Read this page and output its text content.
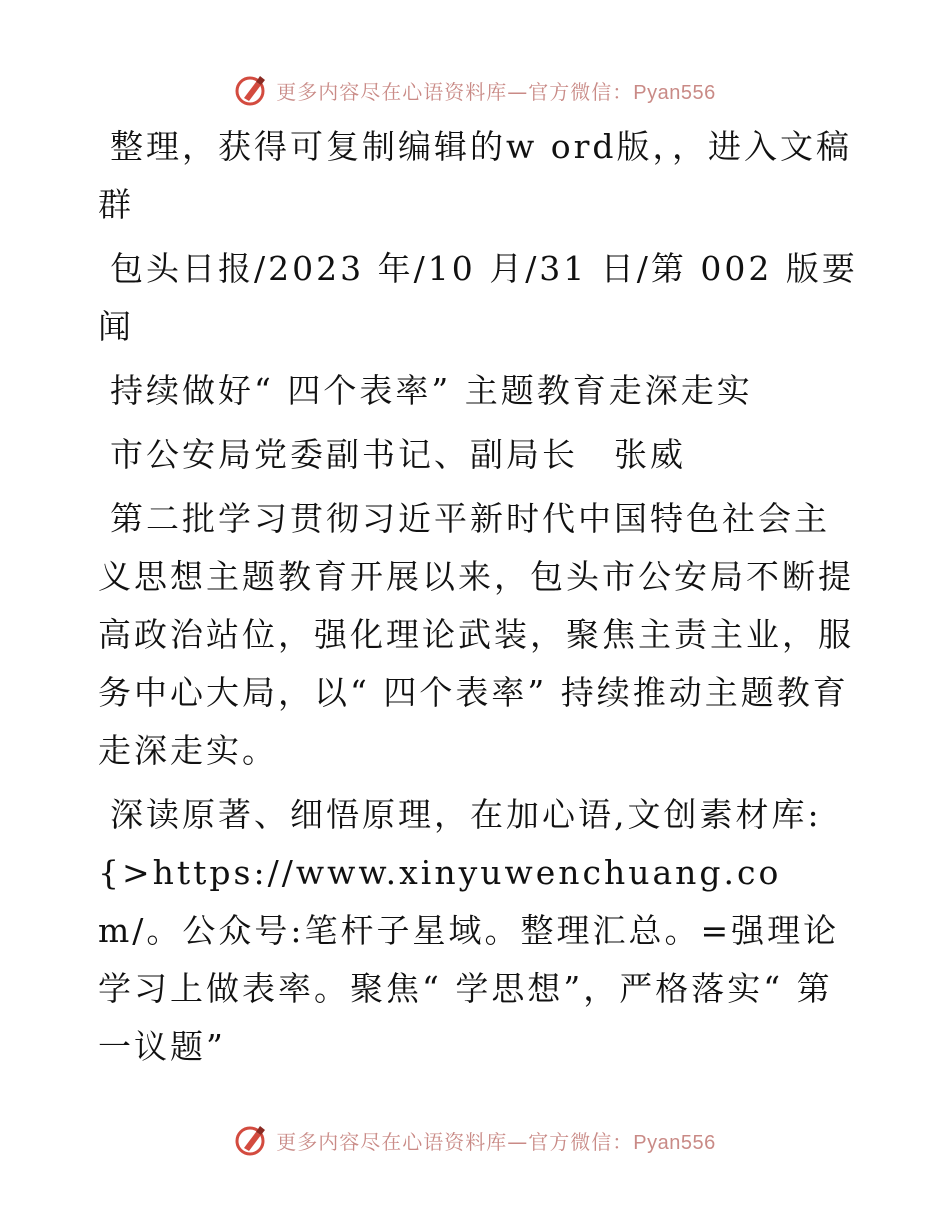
更多内容尽在心语资料库—官方微信：Pyan556

整理，获得可复制编辑的w ord版，，进入文稿群

包头日报/2023 年/10 月/31 日/第 002 版要闻

持续做好“ 四个表率” 主题教育走深走实

市公安局党委副书记、副局长　张威

第二批学习贯彻习近平新时代中国特色社会主义思想主题教育开展以来，包头市公安局不断提高政治站位，强化理论武装，聚焦主责主业，服务中心大局，以“ 四个表率” 持续推动主题教育走深走实。

深读原著、细悟原理，在加心语,文创素材库:{>https://www.xinyuwenchuang.com/。公众号:笔杆子星域。整理汇总。=强理论学习上做表率。聚焦“ 学思想”，严格落实“ 第一议题”

更多内容尽在心语资料库—官方微信：Pyan556
